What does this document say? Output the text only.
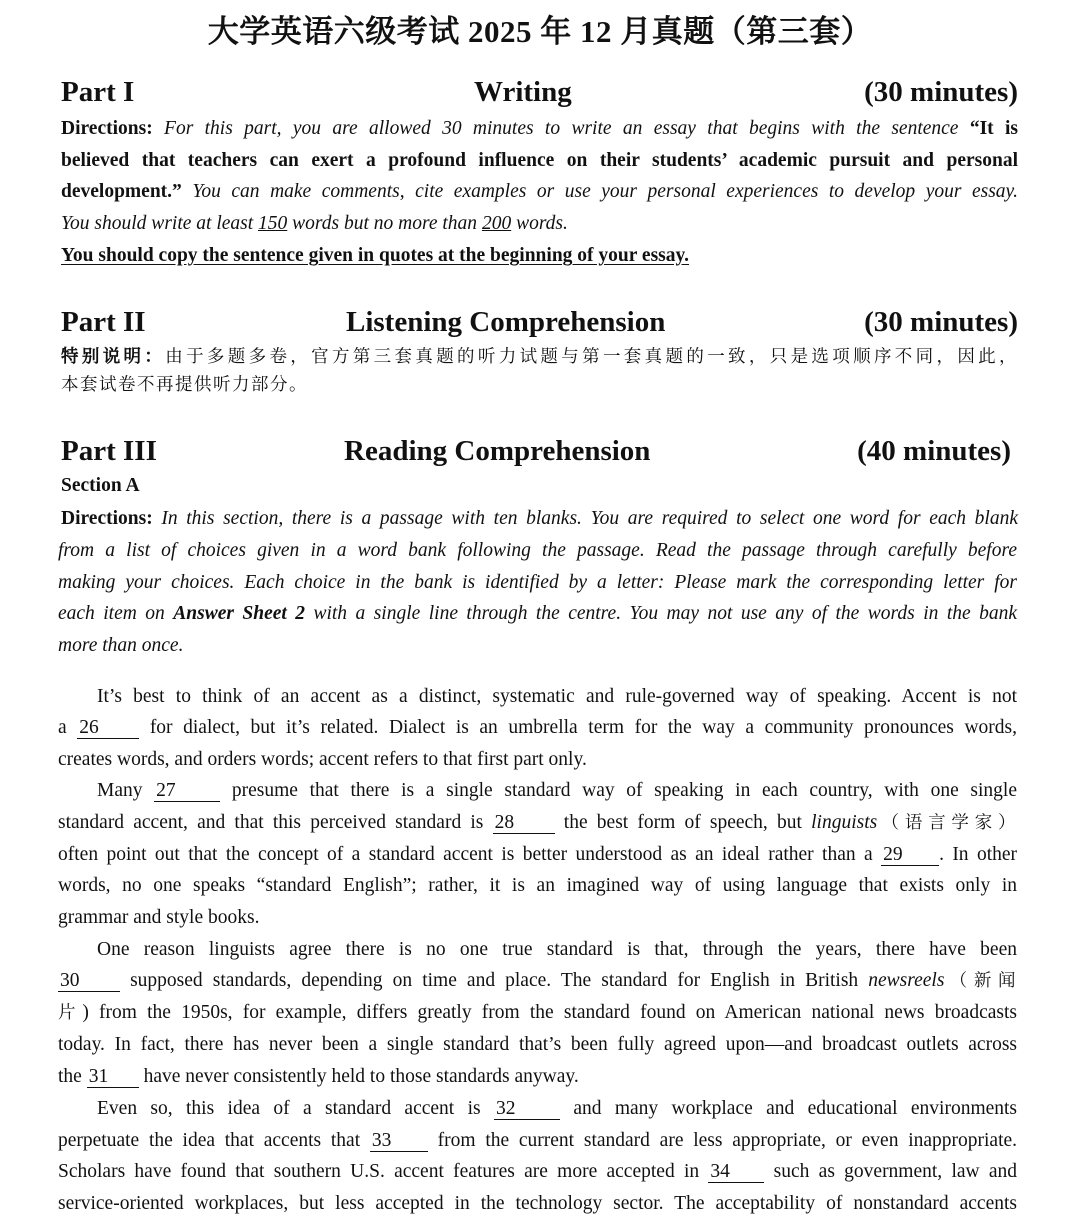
大学英语六级考试 2025 年 12 月真题（第三套）
Part I	Writing	(30 minutes)
Directions: For this part, you are allowed 30 minutes to write an essay that begins with the sentence “It is
believed that teachers can exert a profound influence on their students’ academic pursuit and personal
development.” You can make comments, cite examples or use your personal experiences to develop your essay.
You should write at least 150 words but no more than 200 words.
You should copy the sentence given in quotes at the beginning of your essay.
Part II	Listening Comprehension	(30 minutes)
特别说明：由于多题多卷，官方第三套真题的听力试题与第一套真题的一致，只是选项顺序不同，因此，
本套试卷不再提供听力部分。
Part III	Reading Comprehension	(40 minutes)
Section A
Directions: In this section, there is a passage with ten blanks. You are required to select one word for each blank
from a list of choices given in a word bank following the passage. Read the passage through carefully before
making your choices. Each choice in the bank is identified by a letter: Please mark the corresponding letter for
each item on Answer Sheet 2 with a single line through the centre. You may not use any of the words in the bank
more than once.
It’s best to think of an accent as a distinct, systematic and rule-governed way of speaking. Accent is not
a 26	for dialect, but it’s related. Dialect is an umbrella term for the way a community pronounces words,
creates words, and orders words; accent refers to that first part only.
Many 27	presume that there is a single standard way of speaking in each country, with one single
standard accent, and that this perceived standard is 28	the best form of speech, but linguists（语言学家）
often point out that the concept of a standard accent is better understood as an ideal rather than a 29 . In other
words, no one speaks “standard English”; rather, it is an imagined way of using language that exists only in
grammar and style books.
One reason linguists agree there is no one true standard is that, through the years, there have been
30	supposed standards, depending on time and place. The standard for English in British newsreels（新闻
片) from the 1950s, for example, differs greatly from the standard found on American national news broadcasts
today. In fact, there has never been a single standard that’s been fully agreed upon—and broadcast outlets across
the 31 have never consistently held to those standards anyway.
Even so, this idea of a standard accent is 32	and many workplace and educational environments
perpetuate the idea that accents that 33 from the current standard are less appropriate, or even inappropriate.
Scholars have found that southern U.S. accent features are more accepted in 34 such as government, law and
service-oriented workplaces, but less accepted in the technology sector. The acceptability of nonstandard accents
